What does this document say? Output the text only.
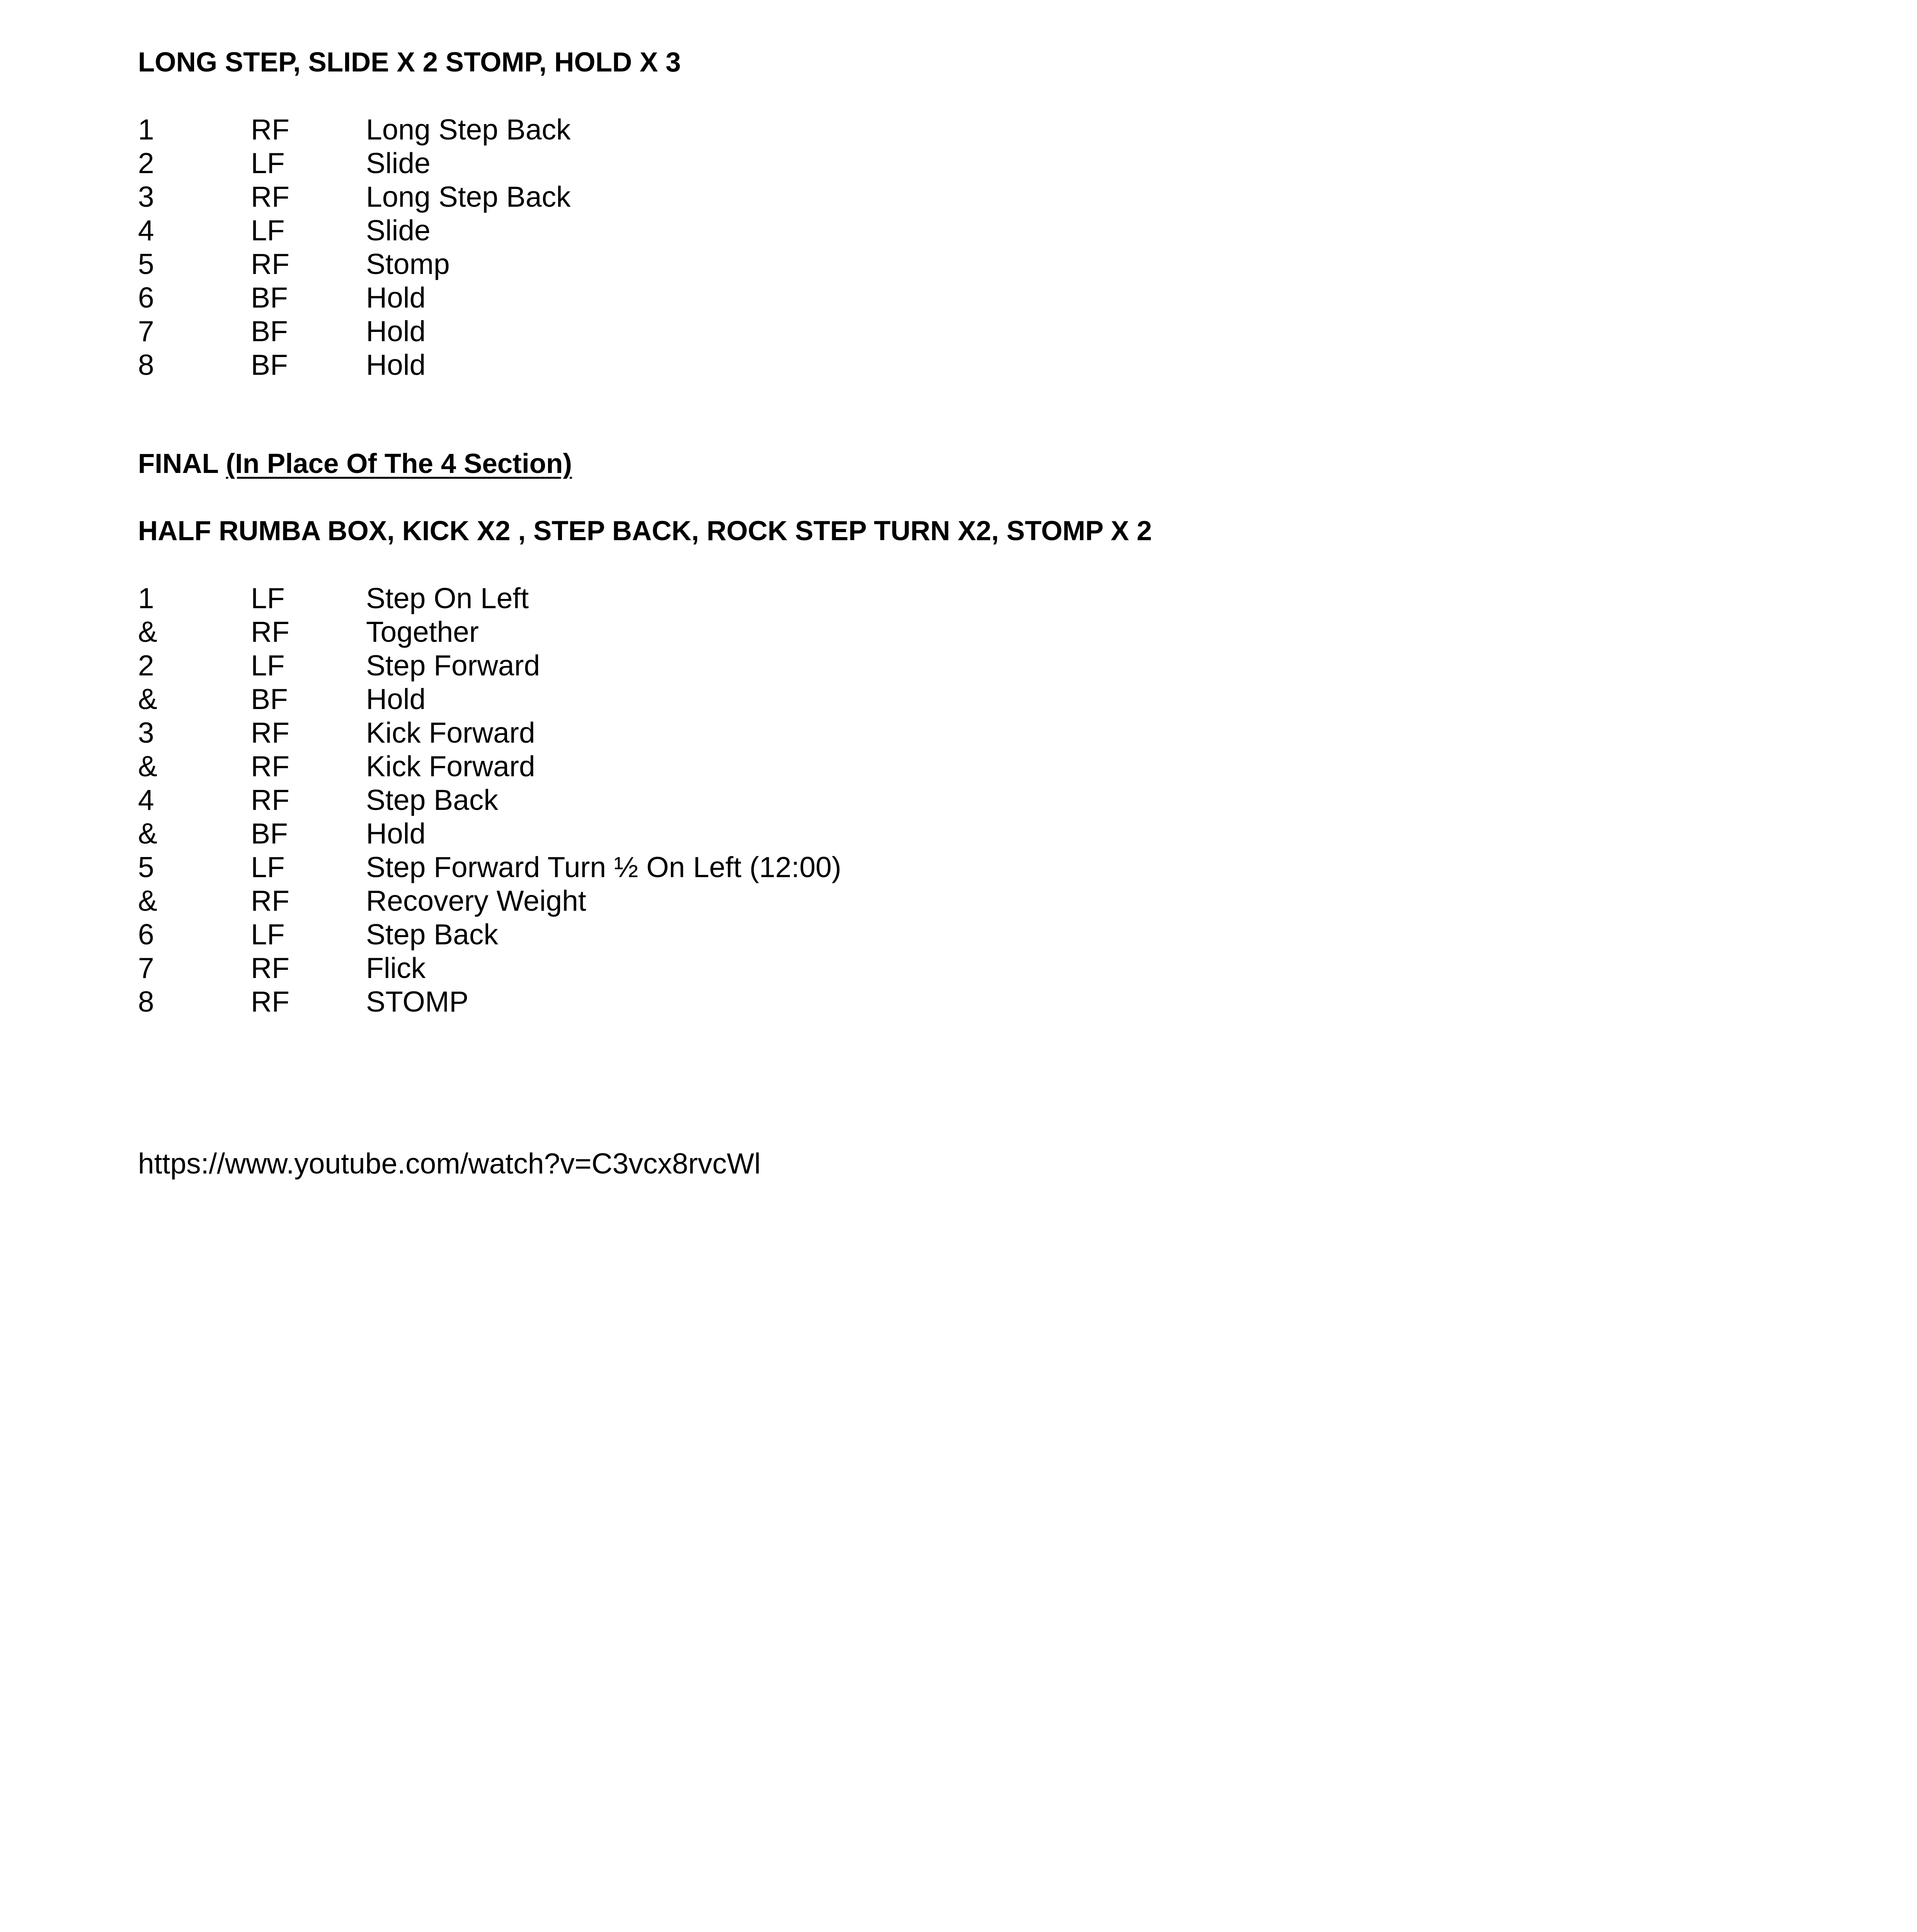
LONG STEP, SLIDE X 2 STOMP, HOLD X 3
1	RF	Long Step Back
2	LF	Slide
3	RF	Long Step Back
4	LF	Slide
5	RF	Stomp
6	BF	Hold
7	BF	Hold
8	BF	Hold
FINAL (In Place Of The 4 Section)
HALF RUMBA BOX, KICK X2 , STEP BACK, ROCK STEP TURN X2, STOMP X 2
1	LF	Step On Left
&	RF	Together
2	LF	Step Forward
&	BF	Hold
3	RF	Kick Forward
&	RF	Kick Forward
4	RF	Step Back
&	BF	Hold
5	LF	Step Forward Turn ½ On Left (12:00)
&	RF	Recovery Weight
6	LF	Step Back
7	RF	Flick
8	RF	STOMP
https://www.youtube.com/watch?v=C3vcx8rvcWl
